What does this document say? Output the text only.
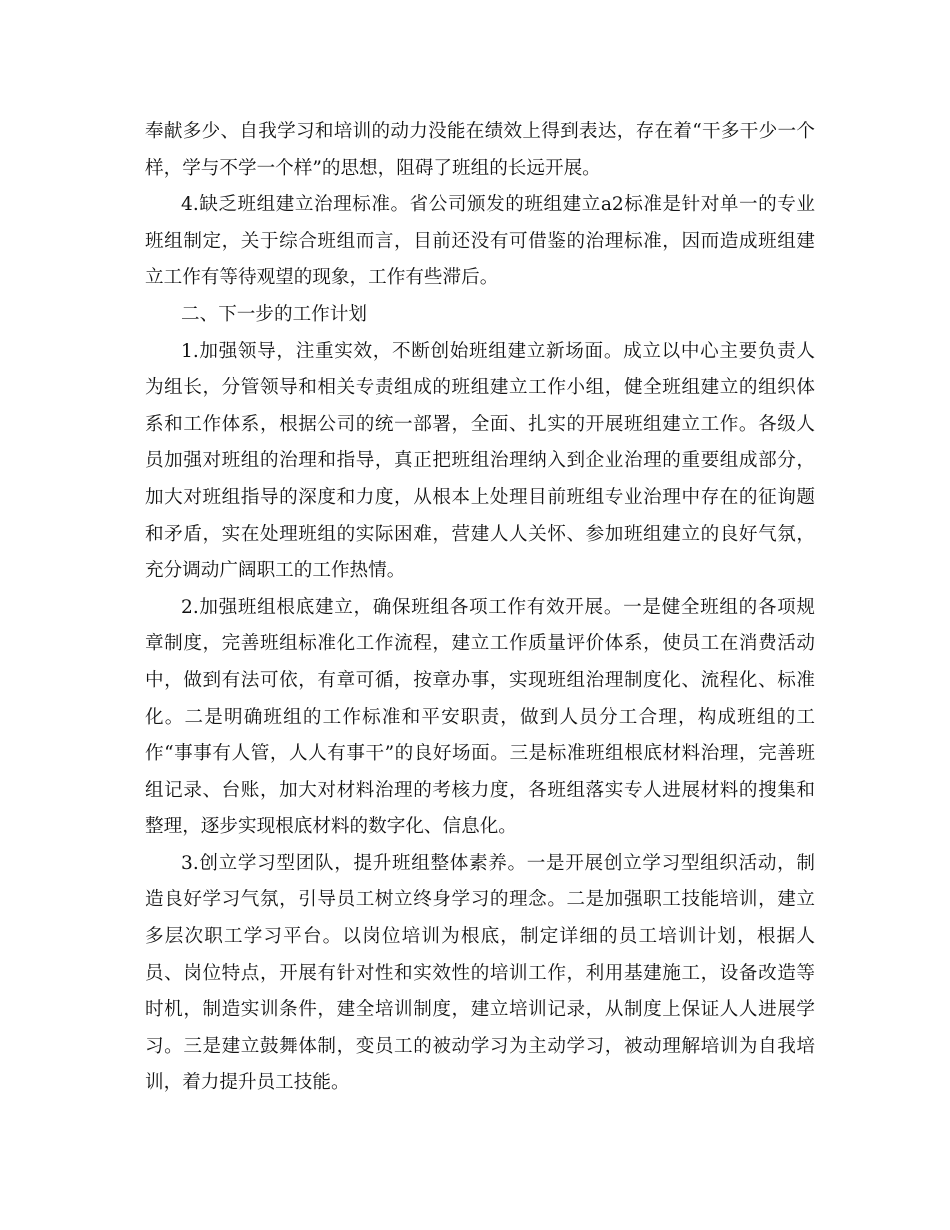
奉献多少、自我学习和培训的动力没能在绩效上得到表达，存在着“干多干少一个
样，学与不学一个样”的思想，阻碍了班组的长远开展。
4.缺乏班组建立治理标准。省公司颁发的班组建立a2标准是针对单一的专业
班组制定，关于综合班组而言，目前还没有可借鉴的治理标准，因而造成班组建
立工作有等待观望的现象，工作有些滞后。
二、下一步的工作计划
1.加强领导，注重实效，不断创始班组建立新场面。成立以中心主要负责人
为组长，分管领导和相关专责组成的班组建立工作小组，健全班组建立的组织体
系和工作体系，根据公司的统一部署，全面、扎实的开展班组建立工作。各级人
员加强对班组的治理和指导，真正把班组治理纳入到企业治理的重要组成部分，
加大对班组指导的深度和力度，从根本上处理目前班组专业治理中存在的征询题
和矛盾，实在处理班组的实际困难，营建人人关怀、参加班组建立的良好气氛，
充分调动广阔职工的工作热情。
2.加强班组根底建立，确保班组各项工作有效开展。一是健全班组的各项规
章制度，完善班组标准化工作流程，建立工作质量评价体系，使员工在消费活动
中，做到有法可依，有章可循，按章办事，实现班组治理制度化、流程化、标准
化。二是明确班组的工作标准和平安职责，做到人员分工合理，构成班组的工
作“事事有人管，人人有事干”的良好场面。三是标准班组根底材料治理，完善班
组记录、台账，加大对材料治理的考核力度，各班组落实专人进展材料的搜集和
整理，逐步实现根底材料的数字化、信息化。
3.创立学习型团队，提升班组整体素养。一是开展创立学习型组织活动，制
造良好学习气氛，引导员工树立终身学习的理念。二是加强职工技能培训，建立
多层次职工学习平台。以岗位培训为根底，制定详细的员工培训计划，根据人
员、岗位特点，开展有针对性和实效性的培训工作，利用基建施工，设备改造等
时机，制造实训条件，建全培训制度，建立培训记录，从制度上保证人人进展学
习。三是建立鼓舞体制，变员工的被动学习为主动学习，被动理解培训为自我培
训，着力提升员工技能。
